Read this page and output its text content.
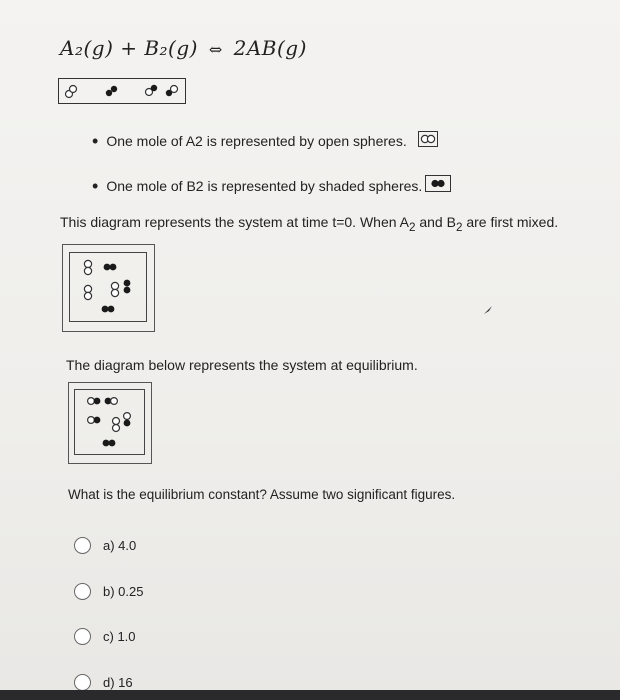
A₂(g) + B₂(g) ⇔ 2AB(g)
• One mole of A2 is represented by open spheres.
• One mole of B2 is represented by shaded spheres.
This diagram represents the system at time t=0. When $A_2$ and $B_2$ are first mixed.
The diagram below represents the system at equilibrium.
What is the equilibrium constant? Assume two significant figures.
a) 4.0
b) 0.25
c) 1.0
d) 16
